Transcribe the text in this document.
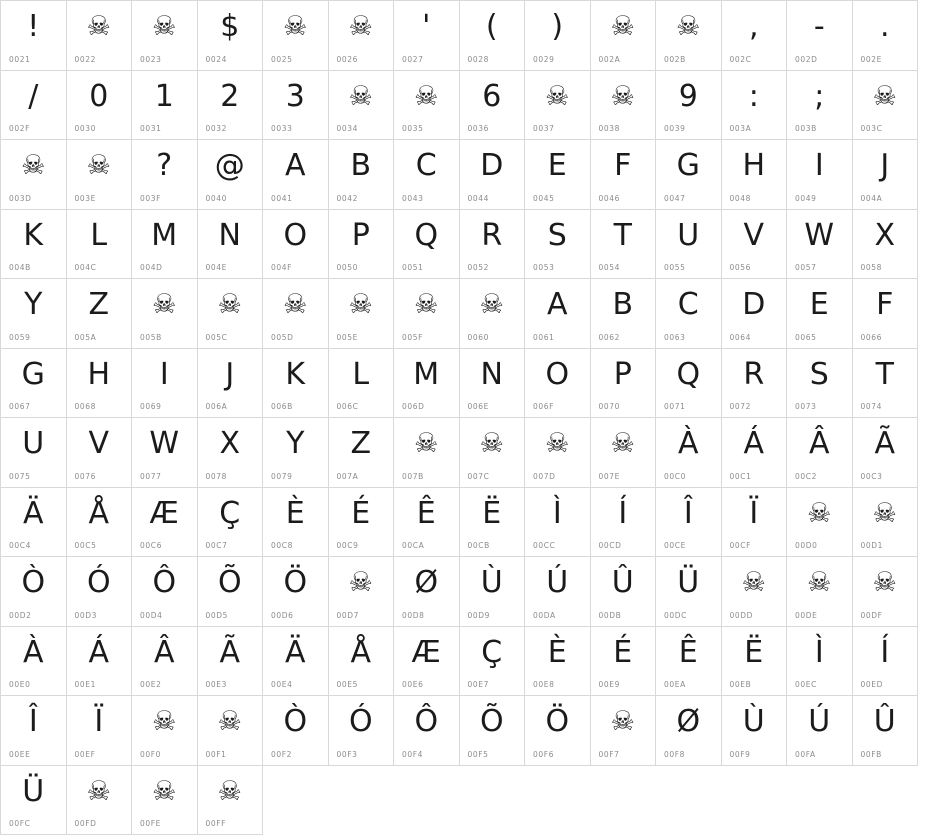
!
0021

☠
0022

☠
0023

$
0024

☠
0025

☠
0026

'
0027

(
0028

)
0029

☠
002A

☠
002B

,
002C

-
002D

.
002E

/
002F

0
0030

1
0031

2
0032

3
0033

☠
0034

☠
0035

6
0036

☠
0037

☠
0038

9
0039

:
003A

;
003B

☠
003C

☠
003D

☠
003E

?
003F

@
0040

A
0041

B
0042

C
0043

D
0044

E
0045

F
0046

G
0047

H
0048

I
0049

J
004A

K
004B

L
004C

M
004D

N
004E

O
004F

P
0050

Q
0051

R
0052

S
0053

T
0054

U
0055

V
0056

W
0057

X
0058

Y
0059

Z
005A

☠
005B

☠
005C

☠
005D

☠
005E

☠
005F

☠
0060

A
0061

B
0062

C
0063

D
0064

E
0065

F
0066

G
0067

H
0068

I
0069

J
006A

K
006B

L
006C

M
006D

N
006E

O
006F

P
0070

Q
0071

R
0072

S
0073

T
0074

U
0075

V
0076

W
0077

X
0078

Y
0079

Z
007A

☠
007B

☠
007C

☠
007D

☠
007E

À
00C0

Á
00C1

Â
00C2

Ã
00C3

Ä
00C4

Å
00C5

Æ
00C6

Ç
00C7

È
00C8

É
00C9

Ê
00CA

Ë
00CB

Ì
00CC

Í
00CD

Î
00CE

Ï
00CF

☠
00D0

☠
00D1

Ò
00D2

Ó
00D3

Ô
00D4

Õ
00D5

Ö
00D6

☠
00D7

Ø
00D8

Ù
00D9

Ú
00DA

Û
00DB

Ü
00DC

☠
00DD

☠
00DE

☠
00DF

À
00E0

Á
00E1

Â
00E2

Ã
00E3

Ä
00E4

Å
00E5

Æ
00E6

Ç
00E7

È
00E8

É
00E9

Ê
00EA

Ë
00EB

Ì
00EC

Í
00ED

Î
00EE

Ï
00EF

☠
00F0

☠
00F1

Ò
00F2

Ó
00F3

Ô
00F4

Õ
00F5

Ö
00F6

☠
00F7

Ø
00F8

Ù
00F9

Ú
00FA

Û
00FB

Ü
00FC

☠
00FD

☠
00FE

☠
00FF
